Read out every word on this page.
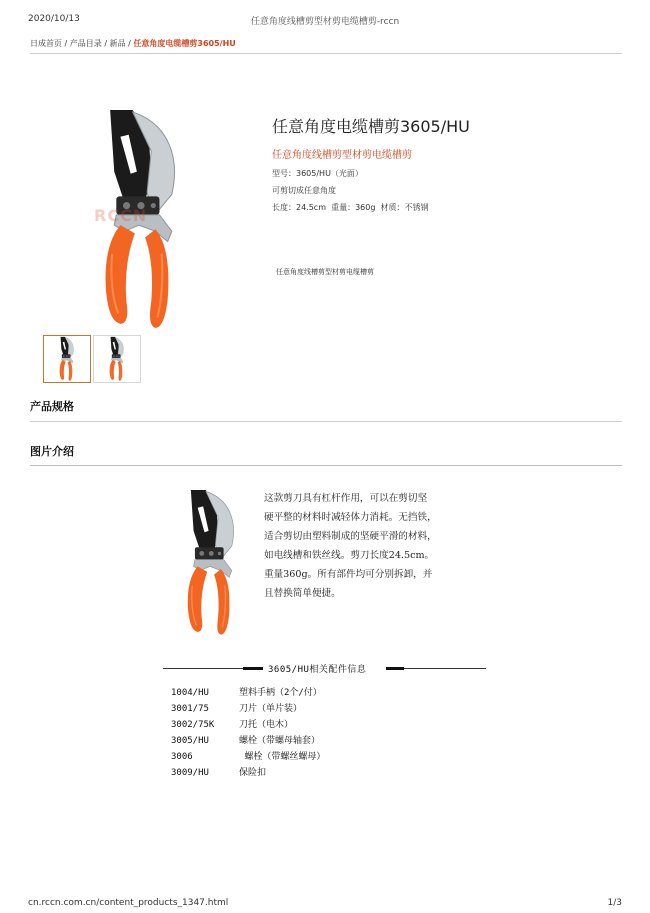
2020/10/13	任意角度线槽剪型材剪电缆槽剪-rccn
日成首页 / 产品目录 / 新品 / 任意角度电缆槽剪3605/HU
RCCN
任意角度电缆槽剪3605/HU
任意角度线槽剪型材剪电缆槽剪
型号：3605/HU（光面）
可剪切成任意角度
长度：24.5cm  重量：360g  材质：不锈钢
任意角度线槽剪型材剪电缆槽剪
产品规格
图片介绍
这款剪刀具有杠杆作用，可以在剪切坚
硬平整的材料时减轻体力消耗。无挡铁，
适合剪切由塑料制成的坚硬平滑的材料，
如电线槽和铁丝线。剪刀长度24.5cm。
重量360g。所有部件均可分别拆卸，并
且替换简单便捷。
3605/HU相关配件信息
1004/HU	塑料手柄（2个/付）
3001/75	刀片（单片装）
3002/75K	刀托（电木）
3005/HU	螺栓（带螺母轴套）
3006	螺栓（带螺丝螺母）
3009/HU	保险扣
cn.rccn.com.cn/content_products_1347.html	1/3
